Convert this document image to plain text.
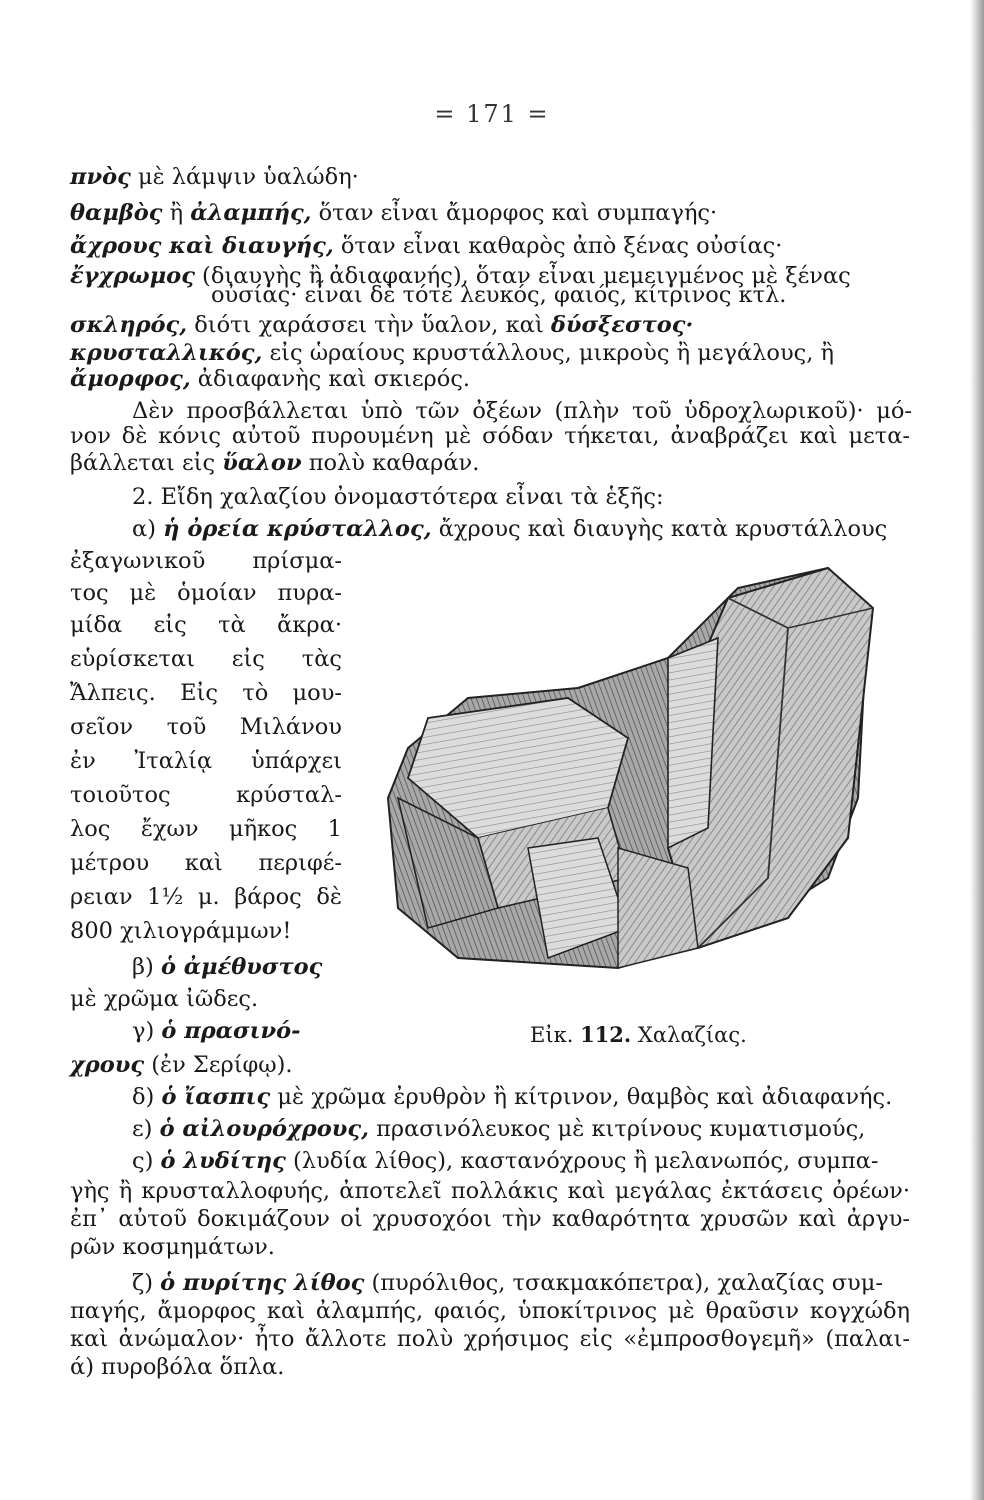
= 171 =
πνὸς μὲ λάμψιν ὑαλώδη·
θαμβὸς ἢ ἀλαμπής, ὅταν εἶναι ἄμορφος καὶ συμπαγής·
ἄχρους καὶ διαυγής, ὅταν εἶναι καθαρὸς ἀπὸ ξένας οὐσίας·
ἔγχρωμος (διαυγὴς ἢ ἀδιαφανής), ὅταν εἶναι μεμειγμένος μὲ ξένας
οὐσίας· εἶναι δὲ τότε λευκός, φαιός, κίτρινος κτλ.
σκληρός, διότι χαράσσει τὴν ὕαλον, καὶ δύσξεστος·
κρυσταλλικός, εἰς ὡραίους κρυστάλλους, μικροὺς ἢ μεγάλους, ἢ
ἄμορφος, ἀδιαφανὴς καὶ σκιερός.
Δὲν προσβάλλεται ὑπὸ τῶν ὀξέων (πλὴν τοῦ ὑδροχλωρικοῦ)· μό-
νον δὲ κόνις αὐτοῦ πυρουμένη μὲ σόδαν τήκεται, ἀναβράζει καὶ μετα-
βάλλεται εἰς ὕαλον πολὺ καθαράν.
2. Εἴδη χαλαζίου ὀνομαστότερα εἶναι τὰ ἑξῆς:
α) ἡ ὀρεία κρύσταλλος, ἄχρους καὶ διαυγὴς κατὰ κρυστάλλους
ἐξαγωνικοῦ πρίσμα-
τος μὲ ὁμοίαν πυρα-
μίδα εἰς τὰ ἄκρα·
εὑρίσκεται εἰς τὰς
Ἄλπεις. Εἰς τὸ μου-
σεῖον τοῦ Μιλάνου
ἐν Ἰταλίᾳ ὑπάρχει
τοιοῦτος κρύσταλ-
λος ἔχων μῆκος 1
μέτρου καὶ περιφέ-
ρειαν 1½ μ. βάρος δὲ
800 χιλιογράμμων!
β) ὁ ἀμέθυστος
μὲ χρῶμα ἰῶδες.
γ) ὁ πρασινό-
χρους (ἐν Σερίφῳ).
Εἰκ. 112. Χαλαζίας.
δ) ὁ ἴασπις μὲ χρῶμα ἐρυθρὸν ἢ κίτρινον, θαμβὸς καὶ ἀδιαφανής.
ε) ὁ αἰλουρόχρους, πρασινόλευκος μὲ κιτρίνους κυματισμούς,
ς) ὁ λυδίτης (λυδία λίθος), καστανόχρους ἢ μελανωπός, συμπα-
γὴς ἢ κρυσταλλοφυής, ἀποτελεῖ πολλάκις καὶ μεγάλας ἐκτάσεις ὀρέων·
ἐπ᾽ αὐτοῦ δοκιμάζουν οἱ χρυσοχόοι τὴν καθαρότητα χρυσῶν καὶ ἀργυ-
ρῶν κοσμημάτων.
ζ) ὁ πυρίτης λίθος (πυρόλιθος, τσακμακόπετρα), χαλαζίας συμ-
παγής, ἄμορφος καὶ ἀλαμπής, φαιός, ὑποκίτρινος μὲ θραῦσιν κογχώδη
καὶ ἀνώμαλον· ἦτο ἄλλοτε πολὺ χρήσιμος εἰς «ἐμπροσθογεμῆ» (παλαι-
ά) πυροβόλα ὅπλα.
